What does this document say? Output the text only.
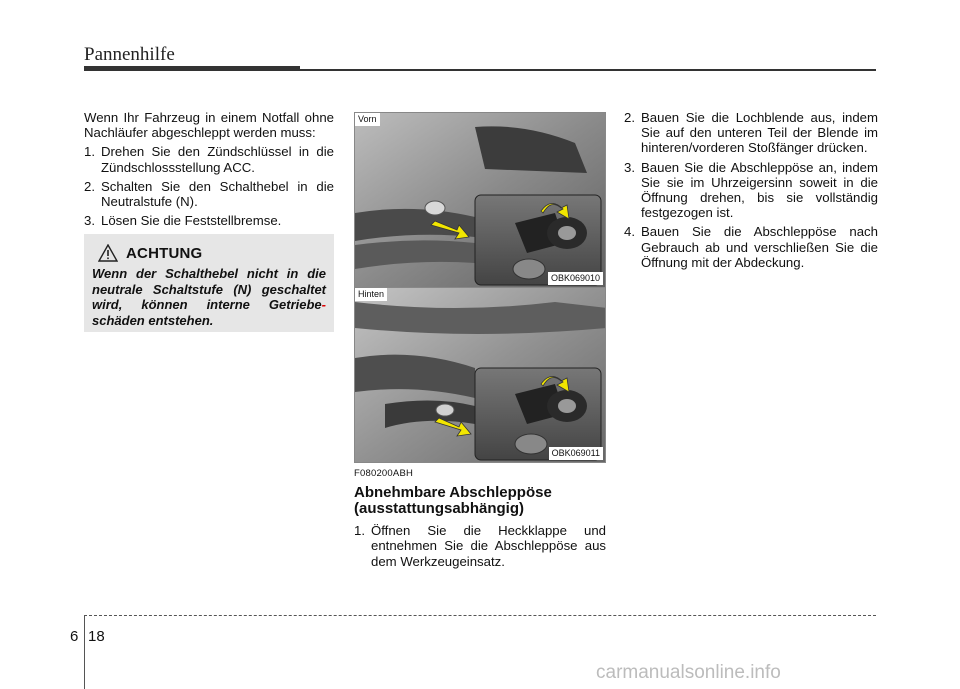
Pannenhilfe

Wenn Ihr Fahrzeug in einem Notfall ohne Nachläufer abgeschleppt werden muss:

1. Drehen Sie den Zündschlüssel in die Zündschlossstellung ACC.
2. Schalten Sie den Schalthebel in die Neutralstufe (N).
3. Lösen Sie die Feststellbremse.
ACHTUNG
Wenn der Schalthebel nicht in die neutrale Schaltstufe (N) geschaltet wird, können interne Getriebe- schäden entstehen.
Vorn
OBK069010
Hinten
OBK069011
F080200ABH
Abnehmbare Abschleppöse
(ausstattungsabhängig)
1. Öffnen Sie die Heckklappe und entnehmen Sie die Abschleppöse aus dem Werkzeugeinsatz.
2. Bauen Sie die Lochblende aus, indem Sie auf den unteren Teil der Blende im hinteren/vorderen Stoßfänger drücken.
3. Bauen Sie die Abschleppöse an, indem Sie sie im Uhrzeigersinn soweit in die Öffnung drehen, bis sie vollständig festgezogen ist.
4. Bauen Sie die Abschleppöse nach Gebrauch ab und verschließen Sie die Öffnung mit der Abdeckung.
6 18
carmanualsonline.info
